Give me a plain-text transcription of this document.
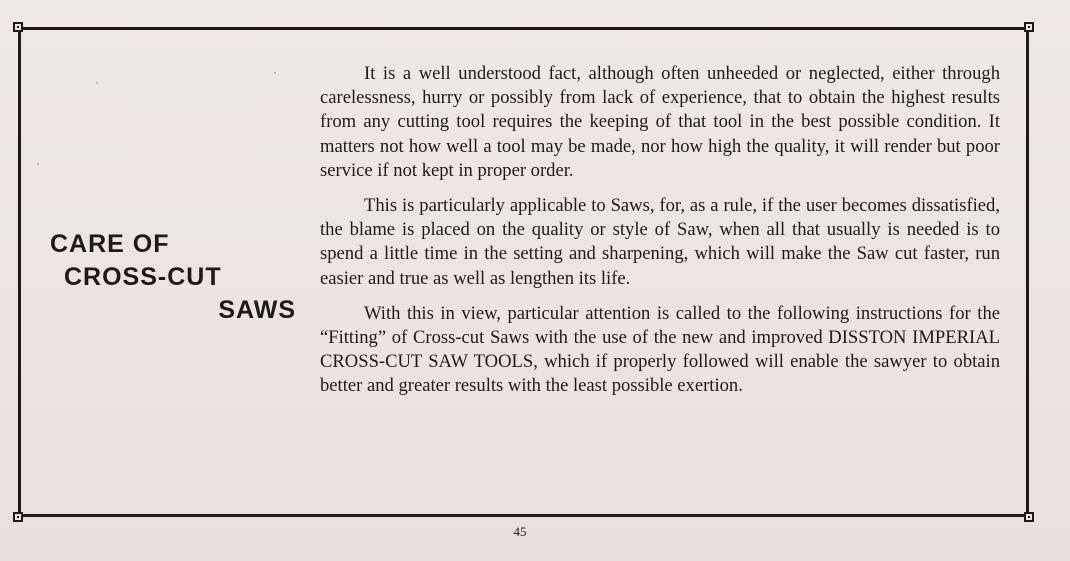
CARE OF
CROSS-CUT
SAWS

It is a well understood fact, although often unheeded or neglected, either through carelessness, hurry or possibly from lack of experience, that to obtain the highest results from any cutting tool requires the keeping of that tool in the best possible condition. It matters not how well a tool may be made, nor how high the quality, it will render but poor service if not kept in proper order.

This is particularly applicable to Saws, for, as a rule, if the user becomes dissatisfied, the blame is placed on the quality or style of Saw, when all that usually is needed is to spend a little time in the setting and sharpening, which will make the Saw cut faster, run easier and true as well as lengthen its life.

With this in view, particular attention is called to the following instructions for the “Fitting” of Cross-cut Saws with the use of the new and improved DISSTON IMPERIAL CROSS-CUT SAW TOOLS, which if properly followed will enable the sawyer to obtain better and greater results with the least possible exertion.

45
